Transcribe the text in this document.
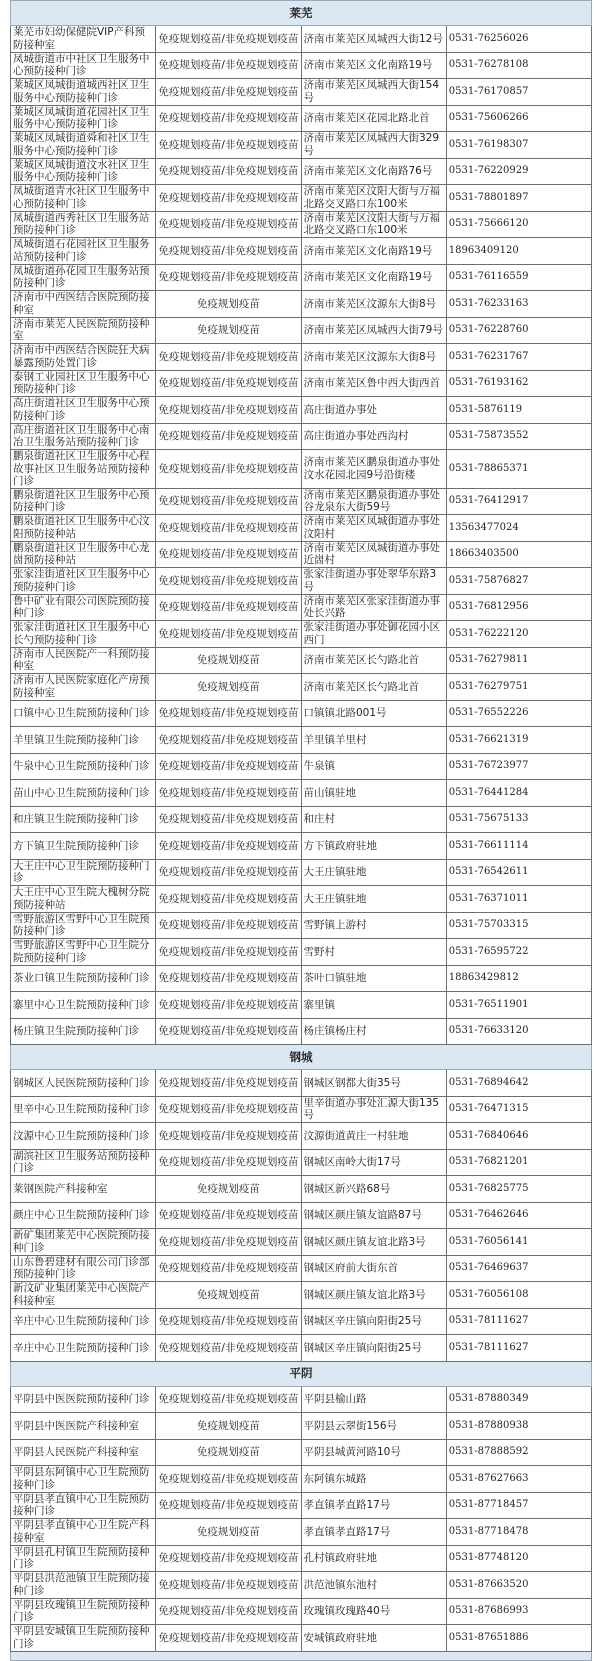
莱芜			
莱芜市妇幼保健院VIP产科预防接种室	免疫规划疫苗/非免疫规划疫苗	济南市莱芜区凤城西大街12号	0531-76256026
凤城街道市中社区卫生服务中心预防接种门诊	免疫规划疫苗/非免疫规划疫苗	济南市莱芜区文化南路19号	0531-76278108
莱城区凤城街道城西社区卫生服务中心预防接种门诊	免疫规划疫苗/非免疫规划疫苗	济南市莱芜区凤城西大街154号	0531-76170857
莱城区凤城街道花园社区卫生服务中心预防接种门诊	免疫规划疫苗/非免疫规划疫苗	济南市莱芜区花园北路北首	0531-75606266
莱城区凤城街道舜和社区卫生服务中心预防接种门诊	免疫规划疫苗/非免疫规划疫苗	济南市莱芜区凤城西大街329号	0531-76198307
莱城区凤城街道汶水社区卫生服务中心预防接种门诊	免疫规划疫苗/非免疫规划疫苗	济南市莱芜区文化南路76号	0531-76220929
凤城街道青水社区卫生服务中心预防接种门诊	免疫规划疫苗/非免疫规划疫苗	济南市莱芜区汶阳大街与万福北路交叉路口东100米	0531-78801897
凤城街道西秀社区卫生服务站预防接种门诊	免疫规划疫苗/非免疫规划疫苗	济南市莱芜区汶阳大街与万福北路交叉路口东100米	0531-75666120
凤城街道石花园社区卫生服务站预防接种门诊	免疫规划疫苗/非免疫规划疫苗	济南市莱芜区文化南路19号	18963409120
凤城街道孙花园卫生服务站预防接种门诊	免疫规划疫苗/非免疫规划疫苗	济南市莱芜区文化南路19号	0531-76116559
济南市中西医结合医院预防接种室	免疫规划疫苗	济南市莱芜区汶源东大街8号	0531-76233163
济南市莱芜人民医院预防接种室	免疫规划疫苗	济南市莱芜区凤城西大街79号	0531-76228760
济南市中西医结合医院狂犬病暴露预防处置门诊	免疫规划疫苗/非免疫规划疫苗	济南市莱芜区汶源东大街8号	0531-76231767
泰钢工业园社区卫生服务中心预防接种门诊	免疫规划疫苗/非免疫规划疫苗	济南市莱芜区鲁中西大街西首	0531-76193162
高庄街道社区卫生服务中心预防接种门诊	免疫规划疫苗/非免疫规划疫苗	高庄街道办事处	0531-5876119
高庄街道社区卫生服务中心南冶卫生服务站预防接种门诊	免疫规划疫苗/非免疫规划疫苗	高庄街道办事处西沟村	0531-75873552
鹏泉街道社区卫生服务中心程故事社区卫生服务站预防接种门诊	免疫规划疫苗/非免疫规划疫苗	济南市莱芜区鹏泉街道办事处汶水花园北园9号沿街楼	0531-78865371
鹏泉街道社区卫生服务中心预防接种门诊	免疫规划疫苗/非免疫规划疫苗	济南市莱芜区鹏泉街道办事处谷龙泉东大街59号	0531-76412917
鹏泉街道社区卫生服务中心汶阳预防接种站	免疫规划疫苗/非免疫规划疫苗	济南市莱芜区凤城街道办事处汶阳村	13563477024
鹏泉街道社区卫生服务中心龙崮预防接种站	免疫规划疫苗/非免疫规划疫苗	济南市莱芜区凤城街道办事处近崮村	18663403500
张家洼街道社区卫生服务中心预防接种门诊	免疫规划疫苗/非免疫规划疫苗	张家洼街道办事处翠华东路3号	0531-75876827
鲁中矿业有限公司医院预防接种门诊	免疫规划疫苗/非免疫规划疫苗	济南市莱芜区张家洼街道办事处长兴路	0531-76812956
张家洼街道社区卫生服务中心长勺预防接种门诊	免疫规划疫苗/非免疫规划疫苗	张家洼街道办事处御花园小区西门	0531-76222120
济南市人民医院产一科预防接种室	免疫规划疫苗	济南市莱芜区长勺路北首	0531-76279811
济南市人民医院家庭化产房预防接种室	免疫规划疫苗	济南市莱芜区长勺路北首	0531-76279751
口镇中心卫生院预防接种门诊	免疫规划疫苗/非免疫规划疫苗	口镇镇北路001号	0531-76552226
羊里镇卫生院预防接种门诊	免疫规划疫苗/非免疫规划疫苗	羊里镇羊里村	0531-76621319
牛泉中心卫生院预防接种门诊	免疫规划疫苗/非免疫规划疫苗	牛泉镇	0531-76723977
苗山中心卫生院预防接种门诊	免疫规划疫苗/非免疫规划疫苗	苗山镇驻地	0531-76441284
和庄镇卫生院预防接种门诊	免疫规划疫苗/非免疫规划疫苗	和庄村	0531-75675133
方下镇卫生院预防接种门诊	免疫规划疫苗/非免疫规划疫苗	方下镇政府驻地	0531-76611114
大王庄中心卫生院预防接种门诊	免疫规划疫苗/非免疫规划疫苗	大王庄镇驻地	0531-76542611
大王庄中心卫生院大槐树分院预防接种站	免疫规划疫苗/非免疫规划疫苗	大王庄镇驻地	0531-76371011
雪野旅游区雪野中心卫生院预防接种门诊	免疫规划疫苗/非免疫规划疫苗	雪野镇上游村	0531-75703315
雪野旅游区雪野中心卫生院分院预防接种门诊	免疫规划疫苗/非免疫规划疫苗	雪野村	0531-76595722
茶业口镇卫生院预防接种门诊	免疫规划疫苗/非免疫规划疫苗	茶叶口镇驻地	18863429812
寨里中心卫生院预防接种门诊	免疫规划疫苗/非免疫规划疫苗	寨里镇	0531-76511901
杨庄镇卫生院预防接种门诊	免疫规划疫苗/非免疫规划疫苗	杨庄镇杨庄村	0531-76633120
钢城			
钢城区人民医院预防接种门诊	免疫规划疫苗/非免疫规划疫苗	钢城区钢都大街35号	0531-76894642
里辛中心卫生院预防接种门诊	免疫规划疫苗/非免疫规划疫苗	里辛街道办事处汇源大街135号	0531-76471315
汶源中心卫生院预防接种门诊	免疫规划疫苗/非免疫规划疫苗	汶源街道黄庄一村驻地	0531-76840646
湖滨社区卫生服务站预防接种门诊	免疫规划疫苗/非免疫规划疫苗	钢城区南岭大街17号	0531-76821201
莱钢医院产科接种室	免疫规划疫苗	钢城区新兴路68号	0531-76825775
颜庄中心卫生院预防接种门诊	免疫规划疫苗/非免疫规划疫苗	钢城区颜庄镇友谊路87号	0531-76462646
新矿集团莱芜中心医院预防接种门诊	免疫规划疫苗/非免疫规划疫苗	钢城区颜庄镇友谊北路3号	0531-76056141
山东鲁碧建材有限公司门诊部预防接种门诊	免疫规划疫苗/非免疫规划疫苗	钢城区府前大街东首	0531-76469637
新汶矿业集团莱芜中心医院产科接种室	免疫规划疫苗	钢城区颜庄镇友谊北路3号	0531-76056108
辛庄中心卫生院预防接种门诊	免疫规划疫苗/非免疫规划疫苗	钢城区辛庄镇向阳街25号	0531-78111627
辛庄中心卫生院预防接种门诊	免疫规划疫苗/非免疫规划疫苗	钢城区辛庄镇向阳街25号	0531-78111627
平阴			
平阴县中医医院预防接种门诊	免疫规划疫苗/非免疫规划疫苗	平阴县榆山路	0531-87880349
平阴县中医医院产科接种室	免疫规划疫苗	平阴县云翠街156号	0531-87880938
平阴县人民医院产科接种室	免疫规划疫苗	平阴县城黄河路10号	0531-87888592
平阴县东阿镇中心卫生院预防接种门诊	免疫规划疫苗/非免疫规划疫苗	东阿镇东城路	0531-87627663
平阴县孝直镇中心卫生院预防接种门诊	免疫规划疫苗/非免疫规划疫苗	孝直镇孝直路17号	0531-87718457
平阴县孝直镇中心卫生院产科接种室	免疫规划疫苗	孝直镇孝直路17号	0531-87718478
平阴县孔村镇卫生院预防接种门诊	免疫规划疫苗/非免疫规划疫苗	孔村镇政府驻地	0531-87748120
平阴县洪范池镇卫生院预防接种门诊	免疫规划疫苗/非免疫规划疫苗	洪范池镇东池村	0531-87663520
平阴县玫瑰镇卫生院预防接种门诊	免疫规划疫苗/非免疫规划疫苗	玫瑰镇玫瑰路40号	0531-87686993
平阴县安城镇卫生院预防接种门诊	免疫规划疫苗/非免疫规划疫苗	安城镇政府驻地	0531-87651886
